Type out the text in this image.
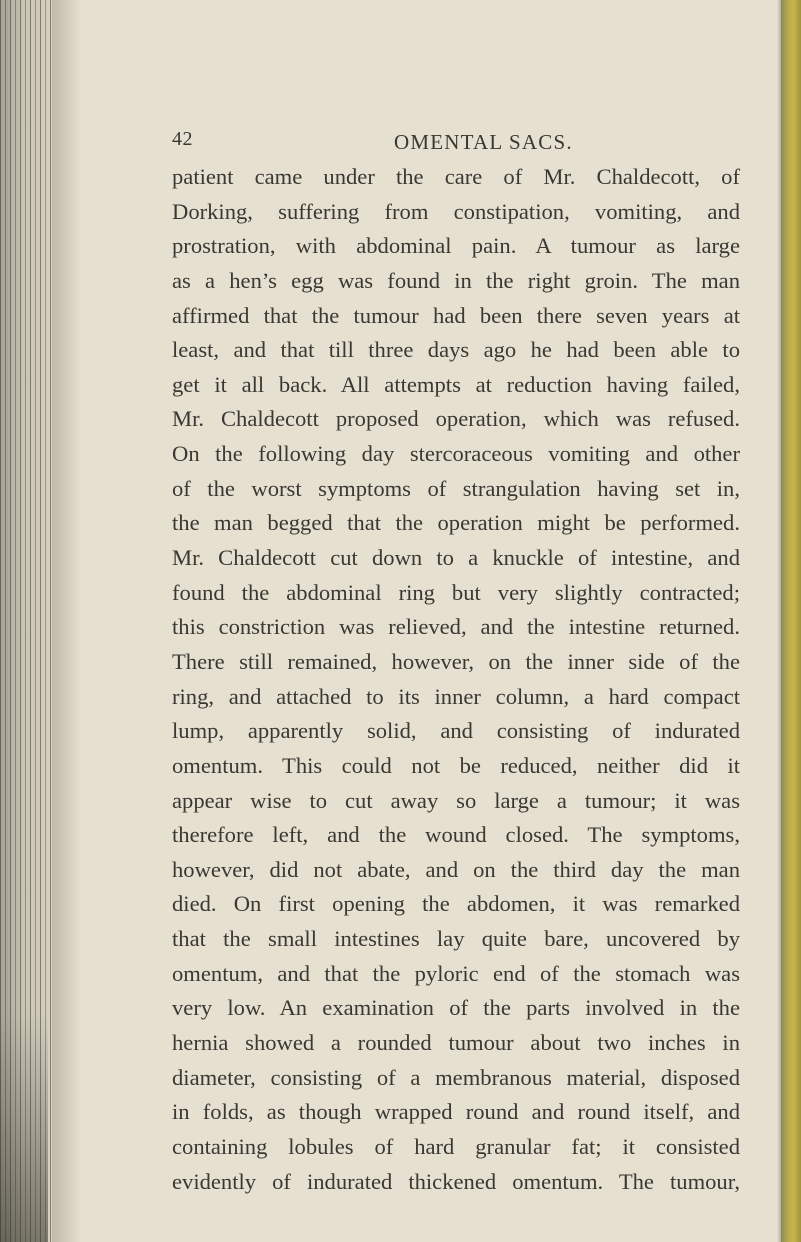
42	OMENTAL SACS.
patient came under the care of Mr. Chaldecott, of
Dorking, suffering from constipation, vomiting, and
prostration, with abdominal pain. A tumour as large
as a hen’s egg was found in the right groin. The man
affirmed that the tumour had been there seven years at
least, and that till three days ago he had been able to
get it all back. All attempts at reduction having failed,
Mr. Chaldecott proposed operation, which was refused.
On the following day stercoraceous vomiting and other
of the worst symptoms of strangulation having set in,
the man begged that the operation might be performed.
Mr. Chaldecott cut down to a knuckle of intestine, and
found the abdominal ring but very slightly contracted;
this constriction was relieved, and the intestine returned.
There still remained, however, on the inner side of the
ring, and attached to its inner column, a hard compact
lump, apparently solid, and consisting of indurated
omentum. This could not be reduced, neither did it
appear wise to cut away so large a tumour; it was
therefore left, and the wound closed. The symptoms,
however, did not abate, and on the third day the man
died. On first opening the abdomen, it was remarked
that the small intestines lay quite bare, uncovered by
omentum, and that the pyloric end of the stomach was
very low. An examination of the parts involved in the
hernia showed a rounded tumour about two inches in
diameter, consisting of a membranous material, disposed
in folds, as though wrapped round and round itself, and
containing lobules of hard granular fat; it consisted
evidently of indurated thickened omentum. The tumour,
